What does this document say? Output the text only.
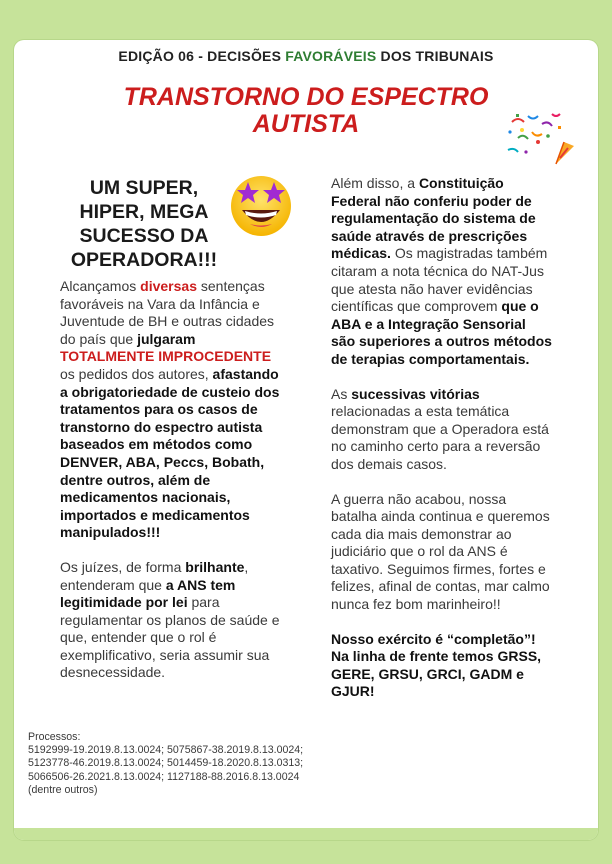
EDIÇÃO 06 - DECISÕES FAVORÁVEIS DOS TRIBUNAIS
TRANSTORNO DO ESPECTRO
AUTISTA
UM SUPER,
HIPER, MEGA
SUCESSO DA
OPERADORA!!!

Alcançamos diversas sentenças favoráveis na Vara da Infância e Juventude de BH e outras cidades do país que julgaram TOTALMENTE IMPROCEDENTE os pedidos dos autores, afastando a obrigatoriedade de custeio dos tratamentos para os casos de transtorno do espectro autista baseados em métodos como DENVER, ABA, Peccs, Bobath, dentre outros, além de medicamentos nacionais, importados e medicamentos manipulados!!!

Os juízes, de forma brilhante, entenderam que a ANS tem legitimidade por lei para regulamentar os planos de saúde e que, entender que o rol é exemplificativo, seria assumir sua desnecessidade.

Além disso, a Constituição Federal não conferiu poder de regulamentação do sistema de saúde através de prescrições médicas. Os magistradas também citaram a nota técnica do NAT-Jus que atesta não haver evidências científicas que comprovem que o ABA e a Integração Sensorial são superiores a outros métodos de terapias comportamentais.

As sucessivas vitórias relacionadas a esta temática demonstram que a Operadora está no caminho certo para a reversão dos demais casos.

A guerra não acabou, nossa batalha ainda continua e queremos cada dia mais demonstrar ao judiciário que o rol da ANS é taxativo. Seguimos firmes, fortes e felizes, afinal de contas, mar calmo nunca fez bom marinheiro!!

Nosso exército é “completão”! Na linha de frente temos GRSS, GERE, GRSU, GRCI, GADM e GJUR!

Processos:
5192999-19.2019.8.13.0024; 5075867-38.2019.8.13.0024;
5123778-46.2019.8.13.0024; 5014459-18.2020.8.13.0313;
5066506-26.2021.8.13.0024; 1127188-88.2016.8.13.0024
(dentre outros)
